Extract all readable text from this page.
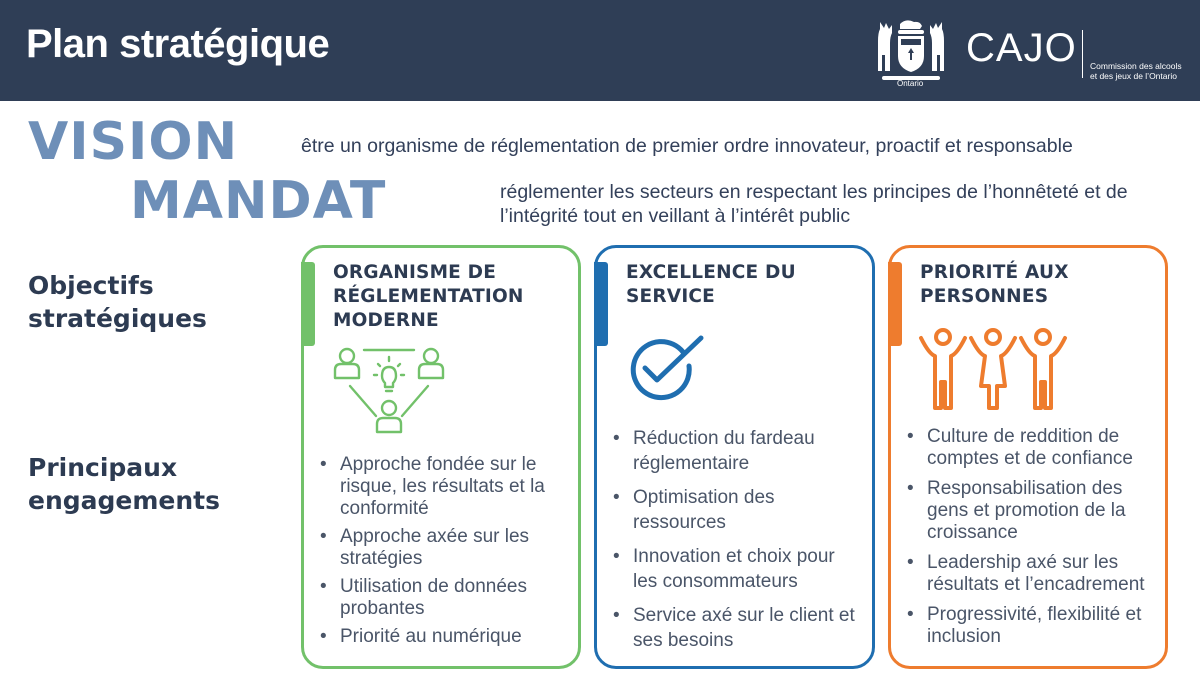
Plan stratégique
Ontario
CAJO Commission des alcools et des jeux de l’Ontario
VISION	être un organisme de réglementation de premier ordre innovateur, proactif et responsable
MANDAT	réglementer les secteurs en respectant les principes de l’honnêteté et de l’intégrité tout en veillant à l’intérêt public
Objectifs stratégiques
Principaux engagements
ORGANISME DE RÉGLEMENTATION MODERNE
• Approche fondée sur le risque, les résultats et la conformité
• Approche axée sur les stratégies
• Utilisation de données probantes
• Priorité au numérique
EXCELLENCE DU SERVICE
• Réduction du fardeau réglementaire
• Optimisation des ressources
• Innovation et choix pour les consommateurs
• Service axé sur le client et ses besoins
PRIORITÉ AUX PERSONNES
• Culture de reddition de comptes et de confiance
• Responsabilisation des gens et promotion de la croissance
• Leadership axé sur les résultats et l’encadrement
• Progressivité, flexibilité et inclusion
